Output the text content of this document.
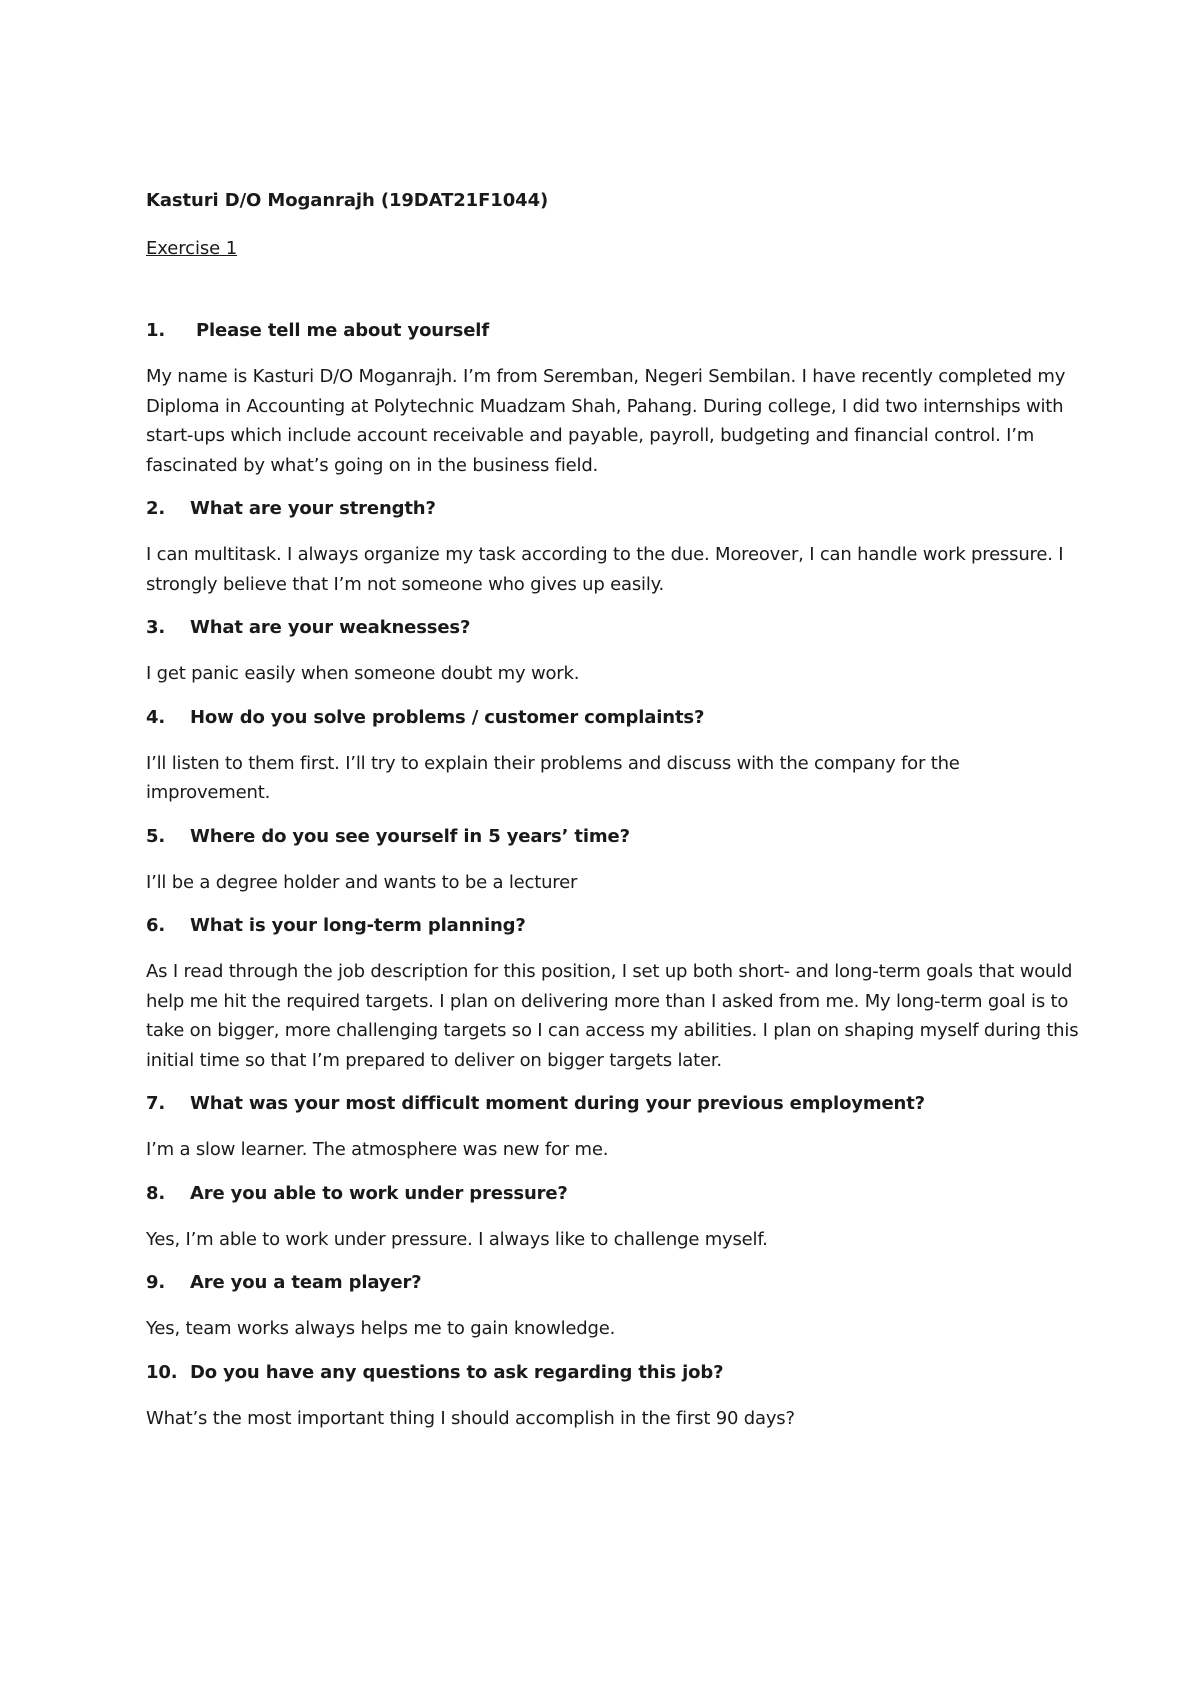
Kasturi D/O Moganrajh (19DAT21F1044)
Exercise 1
1.	Please tell me about yourself

My name is Kasturi D/O Moganrajh. I’m from Seremban, Negeri Sembilan. I have recently completed my Diploma in Accounting at Polytechnic Muadzam Shah, Pahang. During college, I did two internships with start-ups which include account receivable and payable, payroll, budgeting and financial control. I’m fascinated by what’s going on in the business field.

2.	What are your strength?

I can multitask. I always organize my task according to the due. Moreover, I can handle work pressure. I strongly believe that I’m not someone who gives up easily.

3.	What are your weaknesses?

I get panic easily when someone doubt my work.

4.	How do you solve problems / customer complaints?

I’ll listen to them first. I’ll try to explain their problems and discuss with the company for the improvement.

5.	Where do you see yourself in 5 years’ time?

I’ll be a degree holder and wants to be a lecturer

6.	What is your long-term planning?

As I read through the job description for this position, I set up both short- and long-term goals that would help me hit the required targets. I plan on delivering more than I asked from me. My long-term goal is to take on bigger, more challenging targets so I can access my abilities. I plan on shaping myself during this initial time so that I’m prepared to deliver on bigger targets later.

7.	What was your most difficult moment during your previous employment?

I’m a slow learner. The atmosphere was new for me.

8.	Are you able to work under pressure?

Yes, I’m able to work under pressure. I always like to challenge myself.

9.	Are you a team player?

Yes, team works always helps me to gain knowledge.

10. Do you have any questions to ask regarding this job?

What’s the most important thing I should accomplish in the first 90 days?
